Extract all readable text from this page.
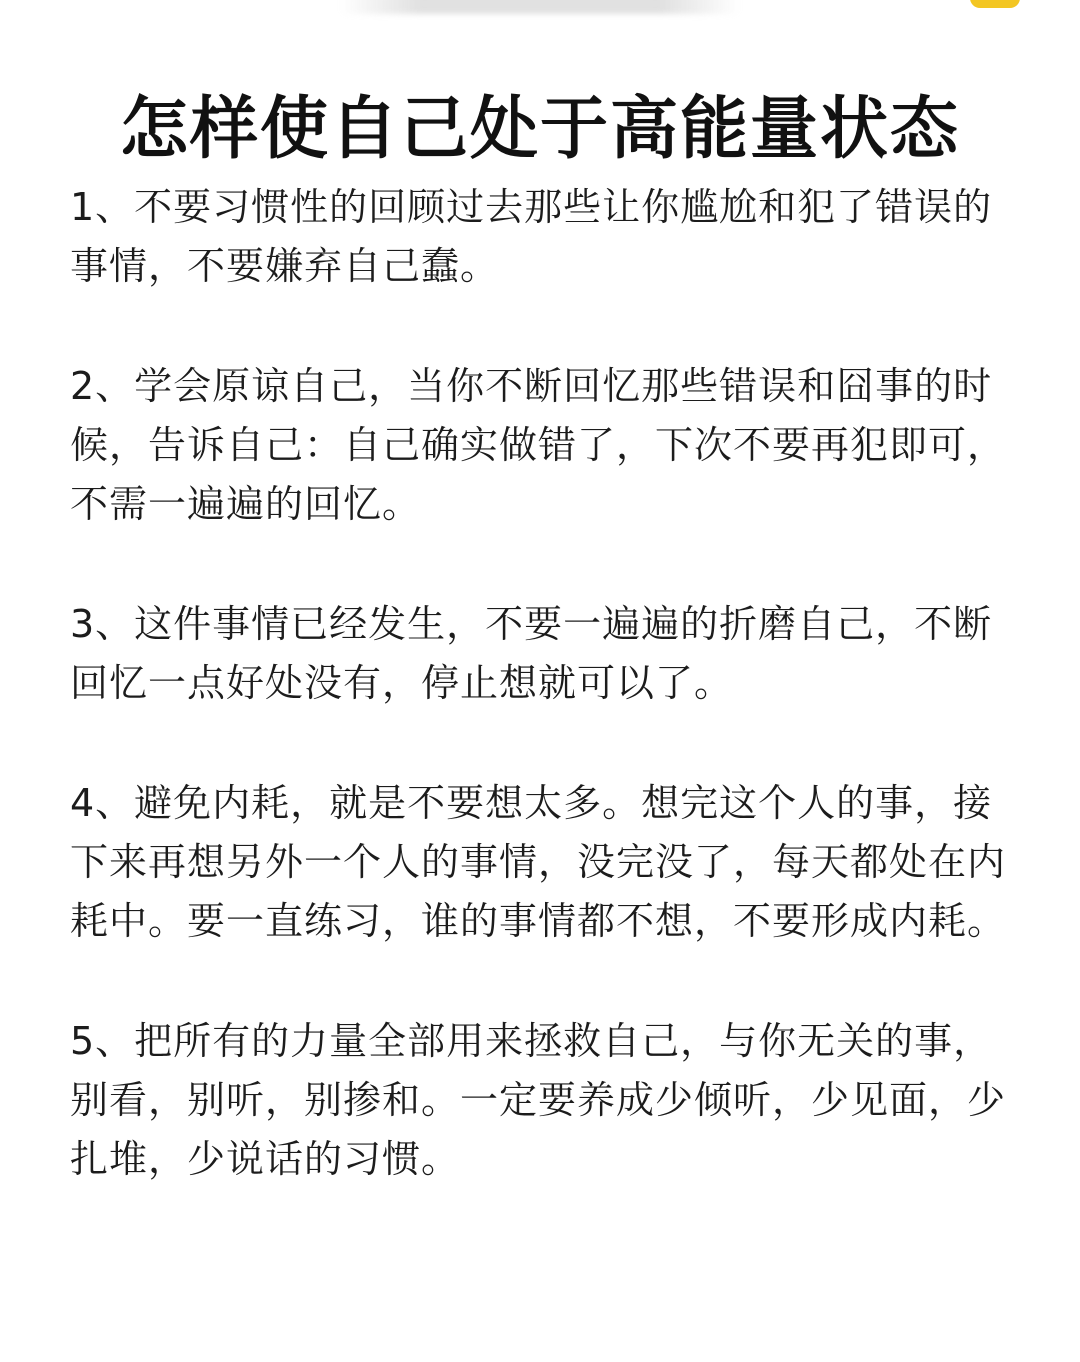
怎样使自己处于高能量状态

1、不要习惯性的回顾过去那些让你尴尬和犯了错误的事情，不要嫌弃自己蠢。

2、学会原谅自己，当你不断回忆那些错误和囧事的时候，告诉自己：自己确实做错了，下次不要再犯即可，不需一遍遍的回忆。

3、这件事情已经发生，不要一遍遍的折磨自己，不断回忆一点好处没有，停止想就可以了。

4、避免内耗，就是不要想太多。想完这个人的事，接下来再想另外一个人的事情，没完没了，每天都处在内耗中。要一直练习，谁的事情都不想，不要形成内耗。

5、把所有的力量全部用来拯救自己，与你无关的事，别看，别听，别掺和。一定要养成少倾听，少见面，少扎堆，少说话的习惯。
